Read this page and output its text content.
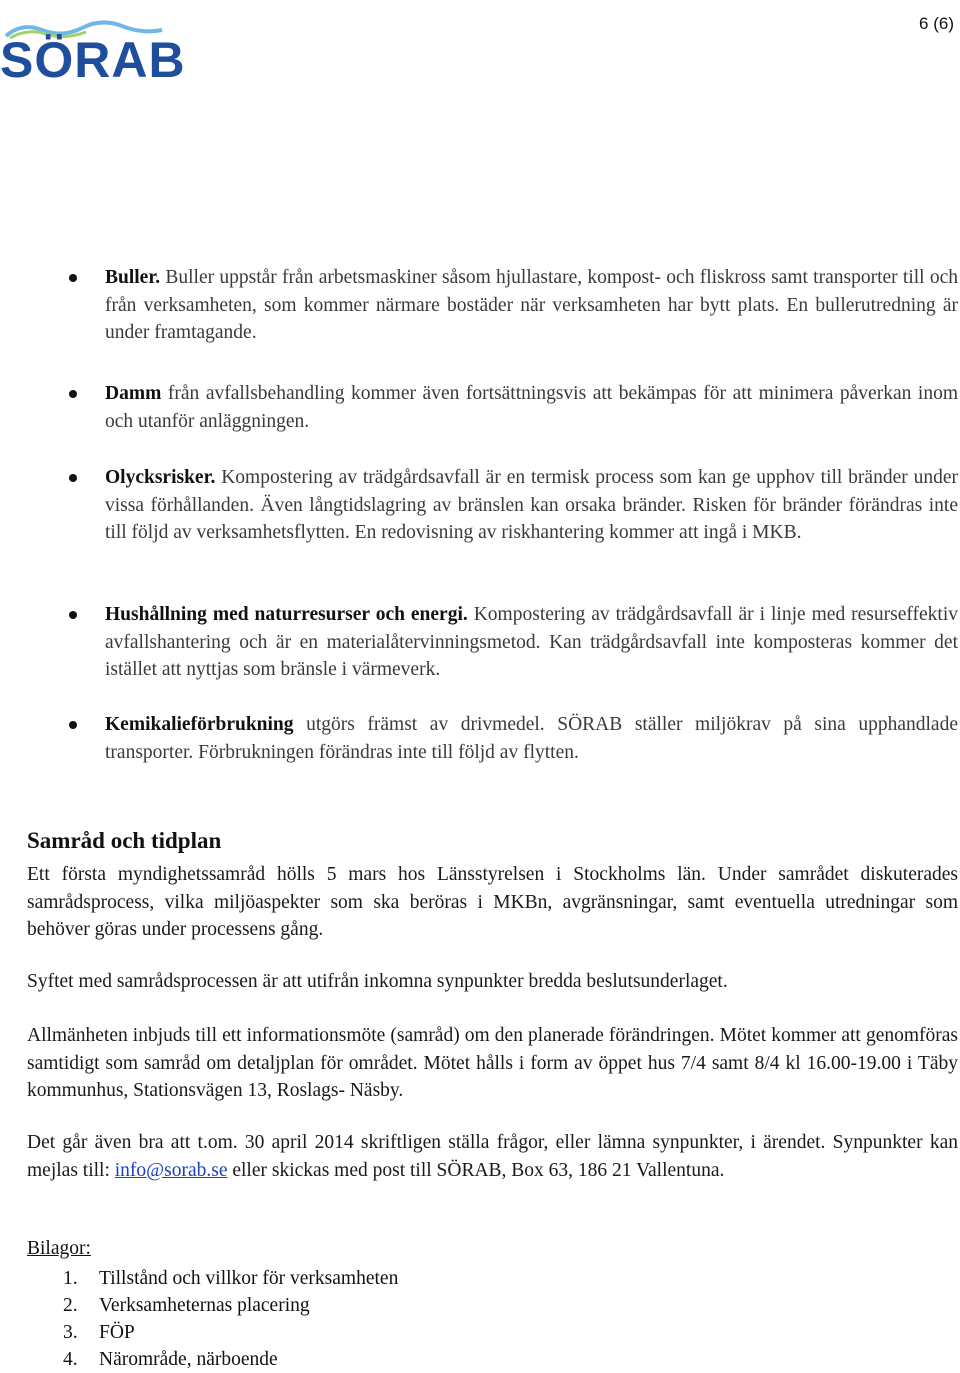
6 (6)
SÖRAB
Buller. Buller uppstår från arbetsmaskiner såsom hjullastare, kompost- och fliskross samt transporter till och från verksamheten, som kommer närmare bostäder när verksamheten har bytt plats. En bullerutredning är under framtagande.
Damm från avfallsbehandling kommer även fortsättningsvis att bekämpas för att minimera påverkan inom och utanför anläggningen.
Olycksrisker. Kompostering av trädgårdsavfall är en termisk process som kan ge upphov till bränder under vissa förhållanden. Även långtidslagring av bränslen kan orsaka bränder. Risken för bränder förändras inte till följd av verksamhetsflytten. En redovisning av riskhantering kommer att ingå i MKB.
Hushållning med naturresurser och energi. Kompostering av trädgårdsavfall är i linje med resurseffektiv avfallshantering och är en materialåtervinningsmetod. Kan trädgårdsavfall inte komposteras kommer det istället att nyttjas som bränsle i värmeverk.
Kemikalieförbrukning utgörs främst av drivmedel. SÖRAB ställer miljökrav på sina upphandlade transporter. Förbrukningen förändras inte till följd av flytten.
Samråd och tidplan

Ett första myndighetssamråd hölls 5 mars hos Länsstyrelsen i Stockholms län. Under samrådet diskuterades samrådsprocess, vilka miljöaspekter som ska beröras i MKBn, avgränsningar, samt eventuella utredningar som behöver göras under processens gång.

Syftet med samrådsprocessen är att utifrån inkomna synpunkter bredda beslutsunderlaget.

Allmänheten inbjuds till ett informationsmöte (samråd) om den planerade förändringen. Mötet kommer att genomföras samtidigt som samråd om detaljplan för området. Mötet hålls i form av öppet hus 7/4 samt 8/4 kl 16.00-19.00 i Täby kommunhus, Stationsvägen 13, Roslags- Näsby.

Det går även bra att t.om. 30 april 2014 skriftligen ställa frågor, eller lämna synpunkter, i ärendet. Synpunkter kan mejlas till: info@sorab.se eller skickas med post till SÖRAB, Box 63, 186 21 Vallentuna.

Bilagor:
1. Tillstånd och villkor för verksamheten
2. Verksamheternas placering
3. FÖP
4. Närområde, närboende
